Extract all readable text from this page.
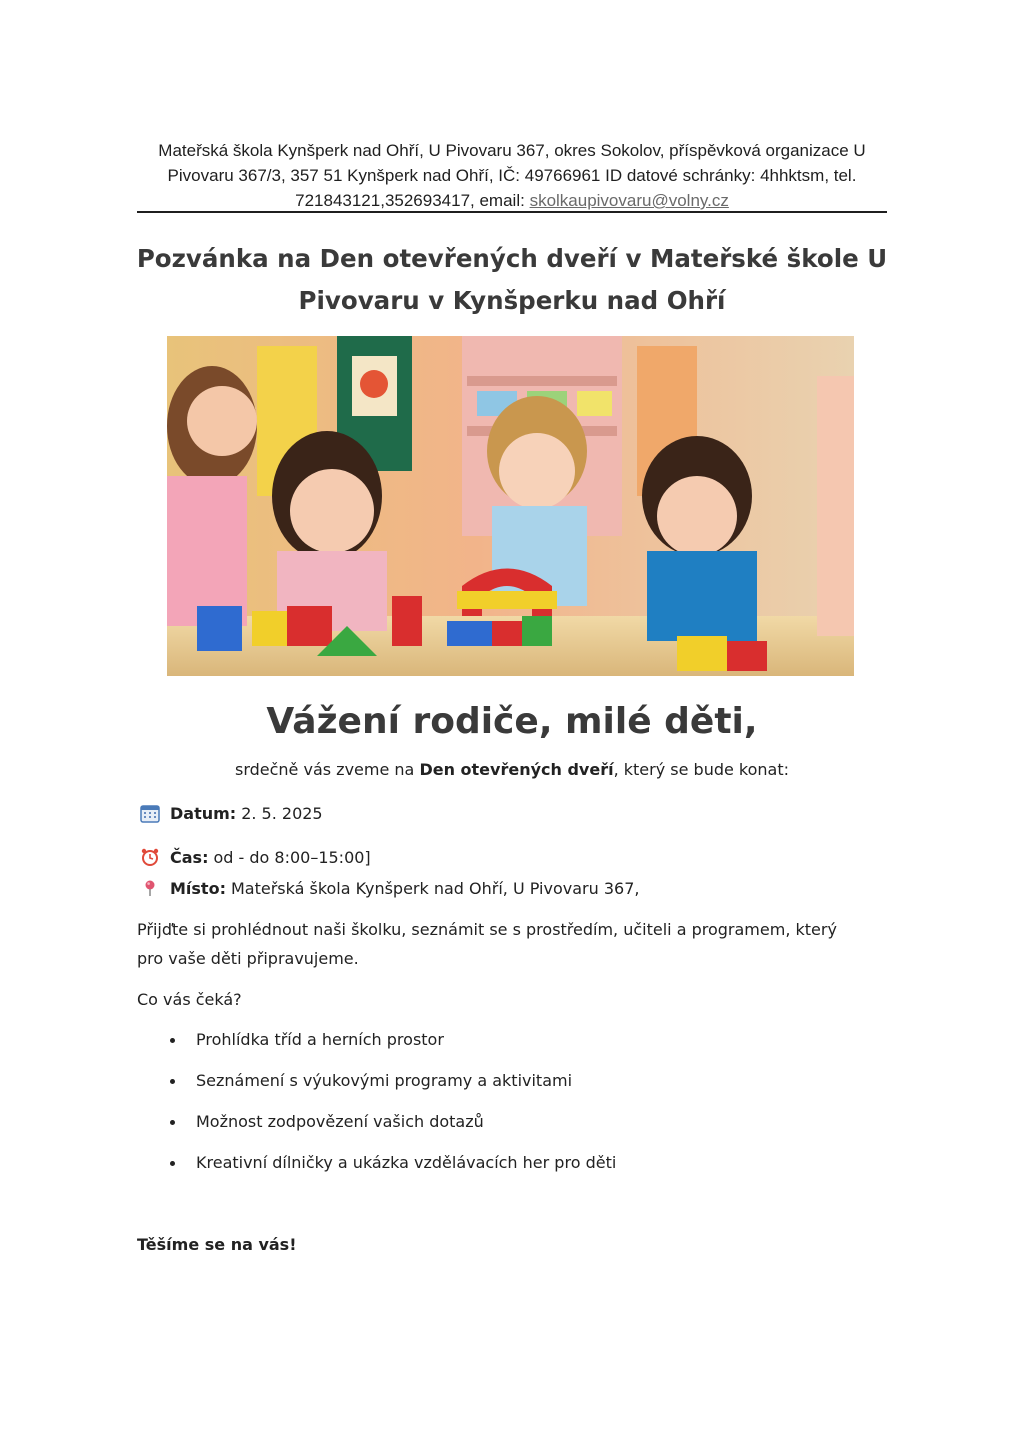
Mateřská škola Kynšperk nad Ohří, U Pivovaru 367, okres Sokolov, příspěvková organizace U
Pivovaru 367/3, 357 51 Kynšperk nad Ohří, IČ: 49766961 ID datové schránky: 4hhktsm, tel.
721843121,352693417, email: skolkaupivovaru@volny.cz
Pozvánka na Den otevřených dveří v Mateřské škole U
Pivovaru v Kynšperku nad Ohří
Vážení rodiče, milé děti,
srdečně vás zveme na Den otevřených dveří, který se bude konat:
Datum: 2. 5. 2025
Čas: od - do 8:00–15:00]
Místo: Mateřská škola Kynšperk nad Ohří, U Pivovaru 367,
Přijďte si prohlédnout naši školku, seznámit se s prostředím, učiteli a programem, který
pro vaše děti připravujeme.
Co vás čeká?
Prohlídka tříd a herních prostor
Seznámení s výukovými programy a aktivitami
Možnost zodpovězení vašich dotazů
Kreativní dílničky a ukázka vzdělávacích her pro děti
Těšíme se na vás!
